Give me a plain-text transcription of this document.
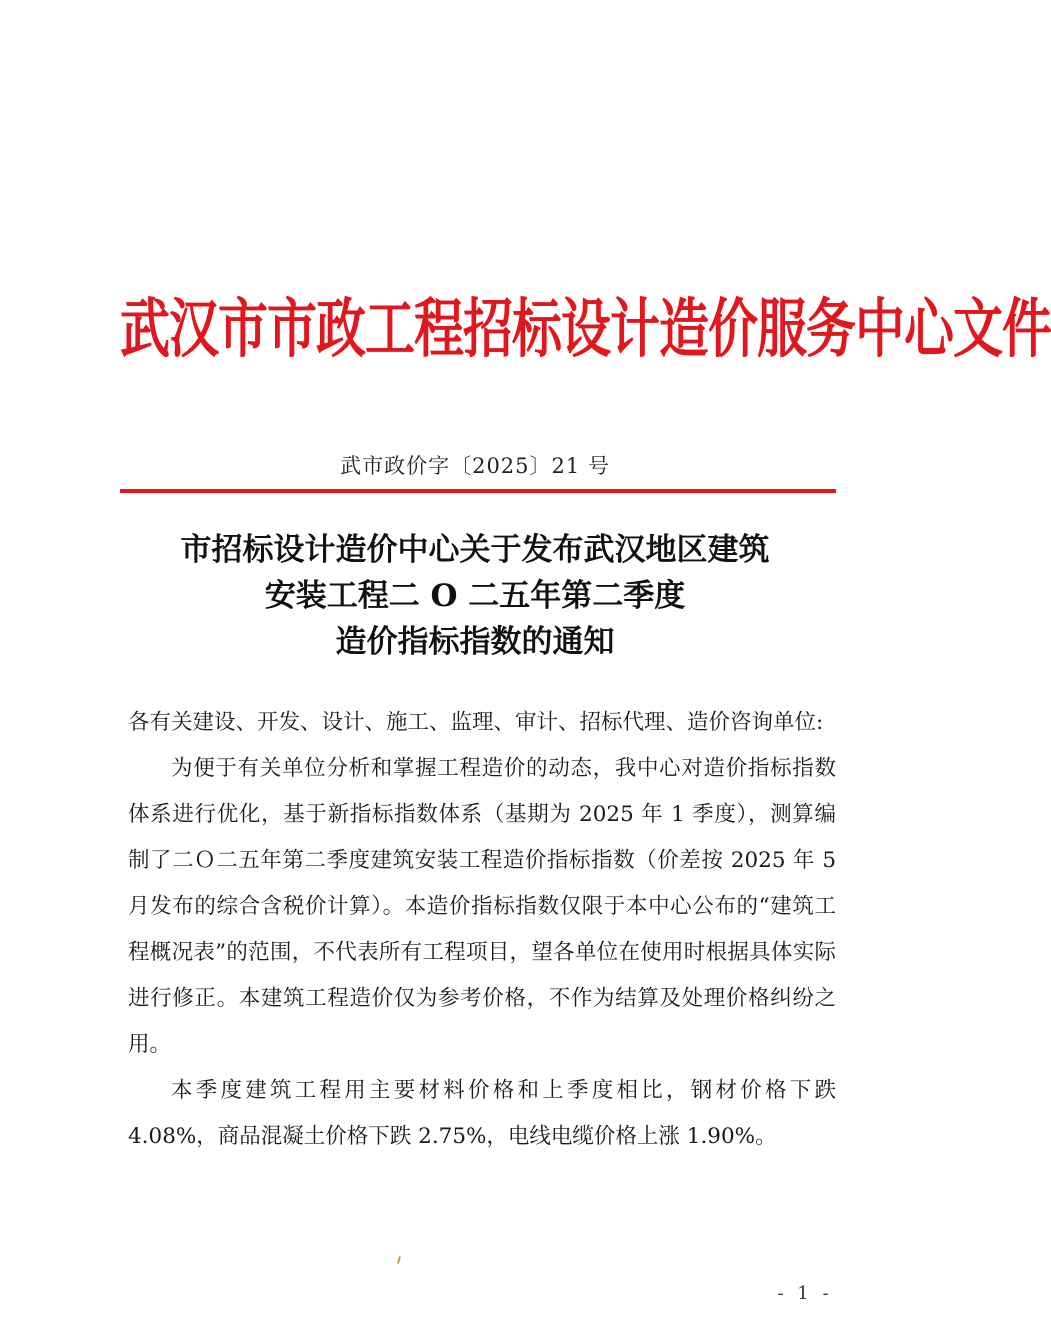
武汉市市政工程招标设计造价服务中心文件
武市政价字〔2025〕21 号
市招标设计造价中心关于发布武汉地区建筑
安装工程二 O 二五年第二季度
造价指标指数的通知

各有关建设、开发、设计、施工、监理、审计、招标代理、造价咨询单位:

为便于有关单位分析和掌握工程造价的动态，我中心对造价指标指数体系进行优化，基于新指标指数体系（基期为 2025 年 1 季度），测算编制了二Ｏ二五年第二季度建筑安装工程造价指标指数（价差按 2025 年 5 月发布的综合含税价计算）。本造价指标指数仅限于本中心公布的“建筑工程概况表”的范围，不代表所有工程项目，望各单位在使用时根据具体实际进行修正。本建筑工程造价仅为参考价格，不作为结算及处理价格纠纷之用。

本季度建筑工程用主要材料价格和上季度相比，钢材价格下跌 4.08%，商品混凝土价格下跌 2.75%，电线电缆价格上涨 1.90%。

- 1 -
